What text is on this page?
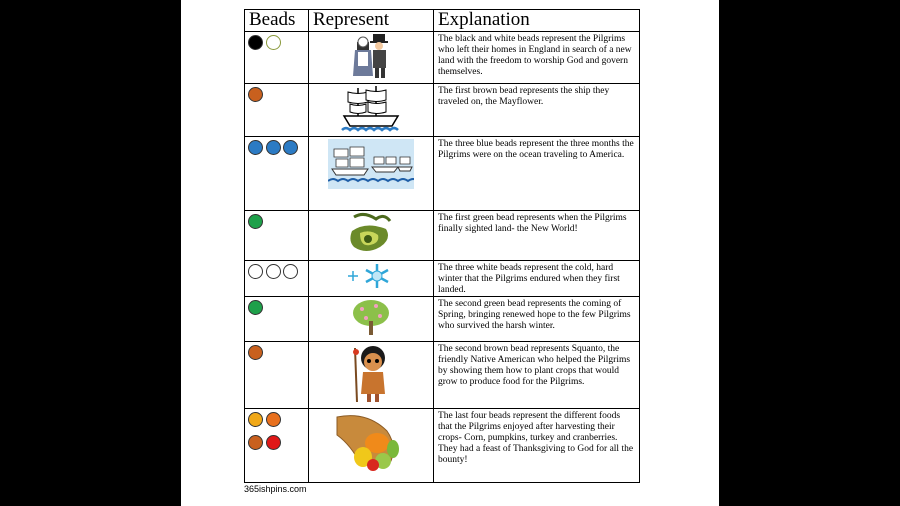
Beads	Represent	Explanation

	The black and white beads represent the Pilgrims who left their homes in England in search of a new land with the freedom to worship God and govern themselves.

	The first brown bead represents the ship they traveled on, the Mayflower.

	The three blue beads represent the three months the Pilgrims were on the ocean traveling to America.

	The first green bead represents when the Pilgrims finally sighted land- the New World!

	The three white beads represent the cold, hard winter that the Pilgrims endured when they first landed.

	The second green bead represents the coming of Spring, bringing renewed hope to the few Pilgrims who survived the harsh winter.

	The second brown bead represents Squanto, the friendly Native American who helped the Pilgrims by showing them how to plant crops that would grow to produce food for the Pilgrims.

	The last four beads represent the different foods that the Pilgrims enjoyed after harvesting their crops- Corn, pumpkins, turkey and cranberries. They had a feast of Thanksgiving to God for all the bounty!
365ishpins.com
